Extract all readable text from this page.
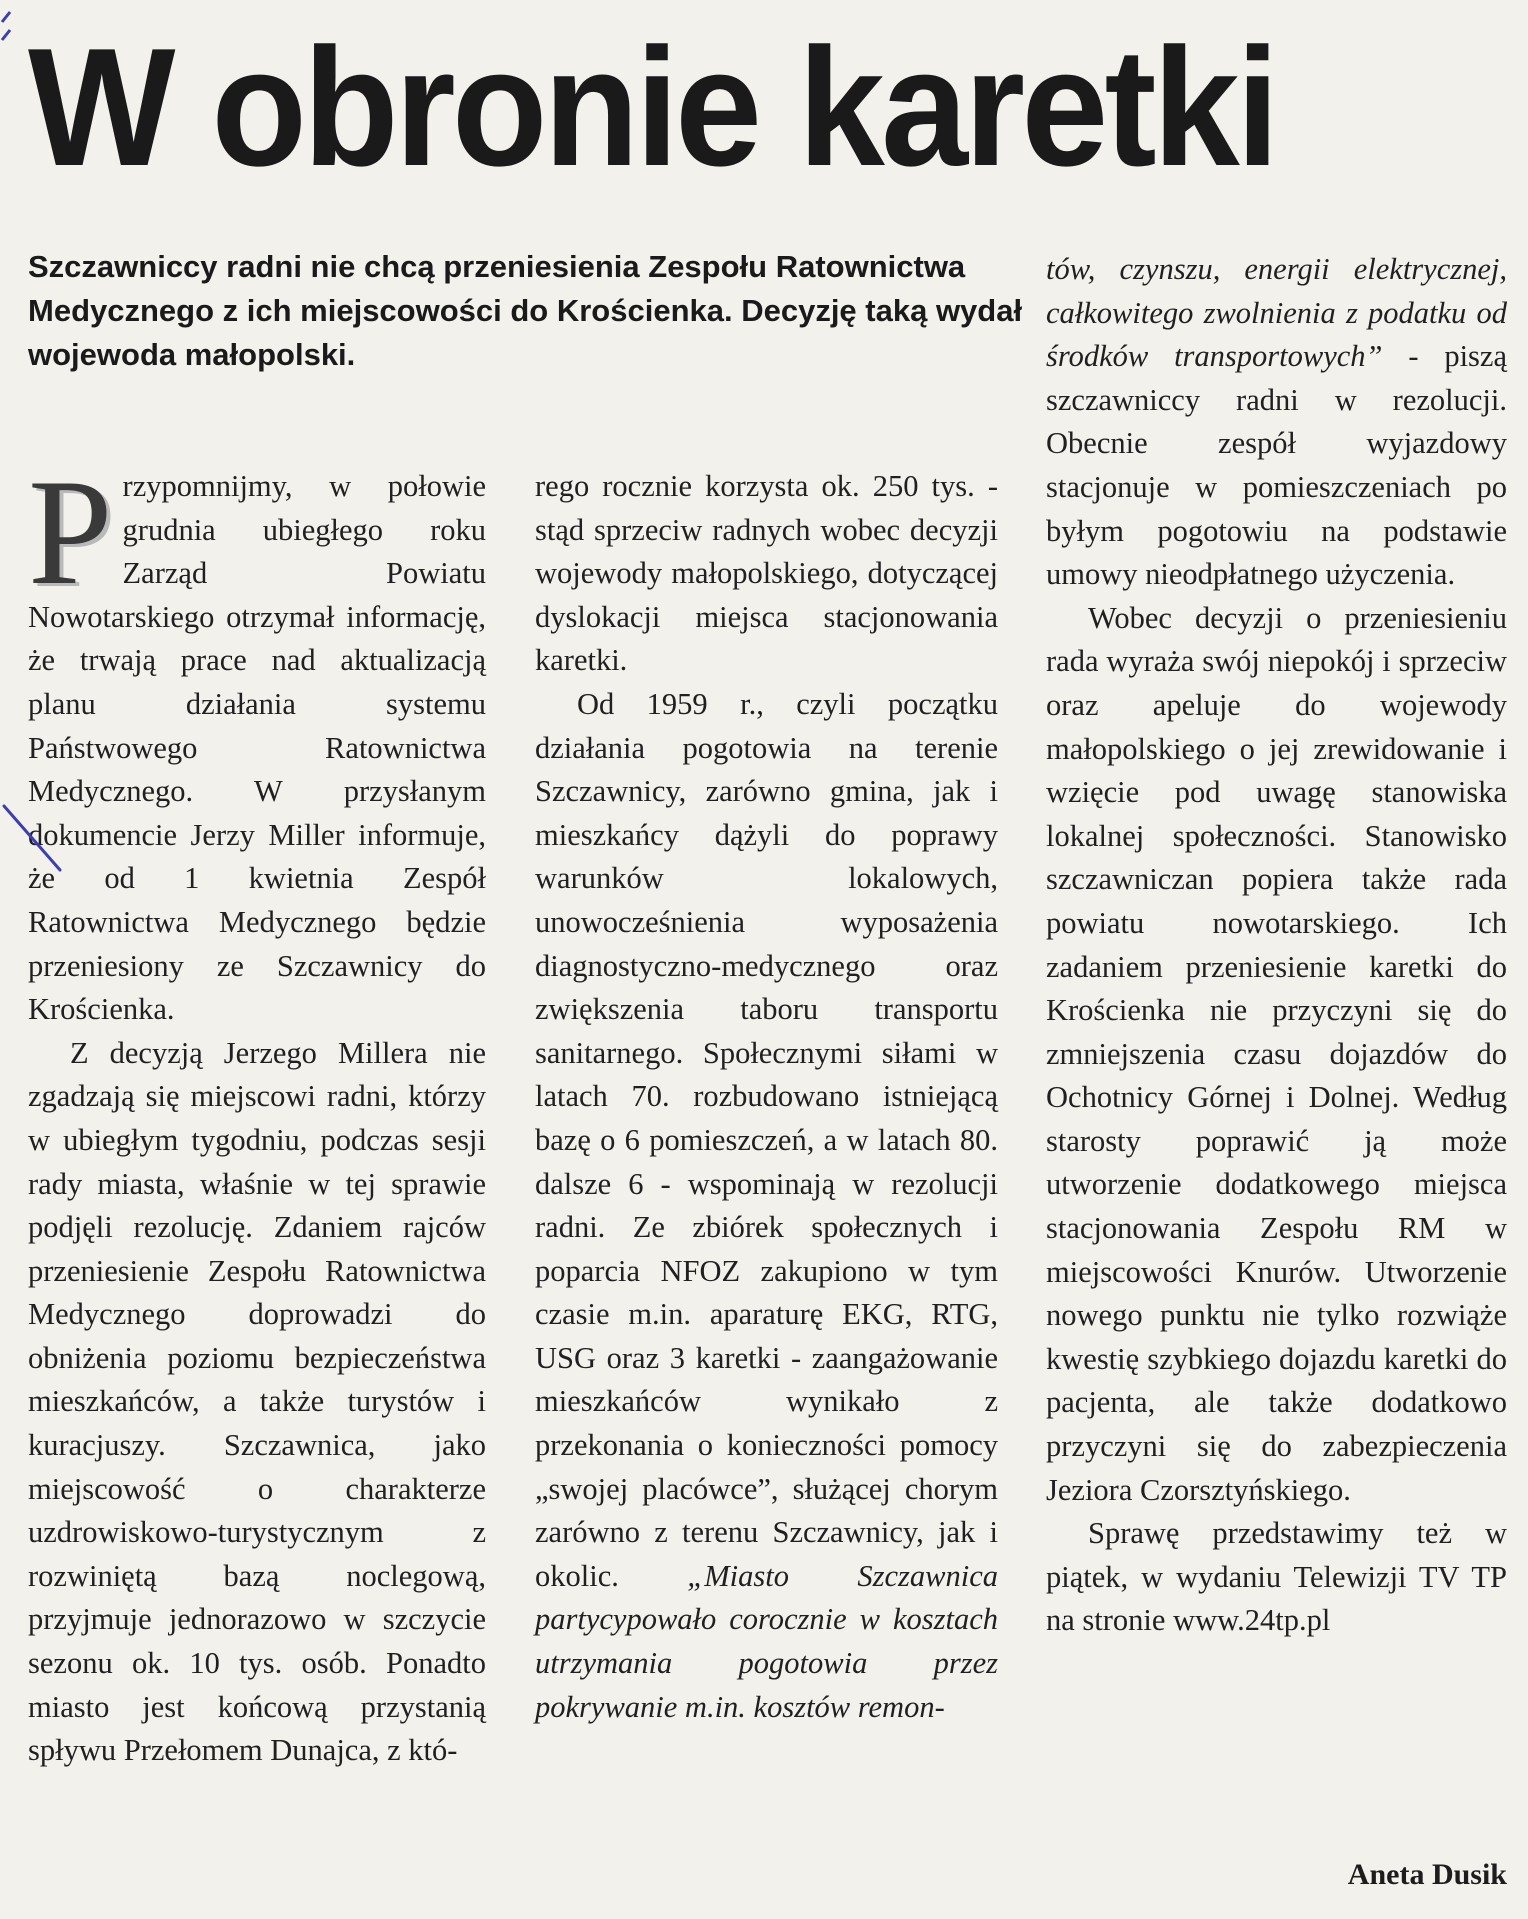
W obronie karetki

Szczawniccy radni nie chcą przeniesienia Zespołu Ratownictwa Medycznego z ich miejscowości do Krościenka. Decyzję taką wydał wojewoda małopolski.

Przypomnijmy, w połowie grudnia ubiegłego roku Zarząd Powiatu Nowotarskiego otrzymał informację, że trwają prace nad aktualizacją planu działania systemu Państwowego Ratownictwa Medycznego. W przysłanym dokumencie Jerzy Miller informuje, że od 1 kwietnia Zespół Ratownictwa Medycznego będzie przeniesiony ze Szczawnicy do Krościenka.

Z decyzją Jerzego Millera nie zgadzają się miejscowi radni, którzy w ubiegłym tygodniu, podczas sesji rady miasta, właśnie w tej sprawie podjęli rezolucję. Zdaniem rajców przeniesienie Zespołu Ratownictwa Medycznego doprowadzi do obniżenia poziomu bezpieczeństwa mieszkańców, a także turystów i kuracjuszy. Szczawnica, jako miejscowość o charakterze uzdrowiskowo-turystycznym z rozwiniętą bazą noclegową, przyjmuje jednorazowo w szczycie sezonu ok. 10 tys. osób. Ponadto miasto jest końcową przystanią spływu Przełomem Dunajca, z któ-

rego rocznie korzysta ok. 250 tys. - stąd sprzeciw radnych wobec decyzji wojewody małopolskiego, dotyczącej dyslokacji miejsca stacjonowania karetki.

Od 1959 r., czyli początku działania pogotowia na terenie Szczawnicy, zarówno gmina, jak i mieszkańcy dążyli do poprawy warunków lokalowych, unowocześnienia wyposażenia diagnostyczno-medycznego oraz zwiększenia taboru transportu sanitarnego. Społecznymi siłami w latach 70. rozbudowano istniejącą bazę o 6 pomieszczeń, a w latach 80. dalsze 6 - wspominają w rezolucji radni. Ze zbiórek społecznych i poparcia NFOZ zakupiono w tym czasie m.in. aparaturę EKG, RTG, USG oraz 3 karetki - zaangażowanie mieszkańców wynikało z przekonania o konieczności pomocy „swojej placówce”, służącej chorym zarówno z terenu Szczawnicy, jak i okolic. „Miasto Szczawnica partycypowało corocznie w kosztach utrzymania pogotowia przez pokrywanie m.in. kosztów remon-

tów, czynszu, energii elektrycznej, całkowitego zwolnienia z podatku od środków transportowych” - piszą szczawniccy radni w rezolucji. Obecnie zespół wyjazdowy stacjonuje w pomieszczeniach po byłym pogotowiu na podstawie umowy nieodpłatnego użyczenia.

Wobec decyzji o przeniesieniu rada wyraża swój niepokój i sprzeciw oraz apeluje do wojewody małopolskiego o jej zrewidowanie i wzięcie pod uwagę stanowiska lokalnej społeczności. Stanowisko szczawniczan popiera także rada powiatu nowotarskiego. Ich zadaniem przeniesienie karetki do Krościenka nie przyczyni się do zmniejszenia czasu dojazdów do Ochotnicy Górnej i Dolnej. Według starosty poprawić ją może utworzenie dodatkowego miejsca stacjonowania Zespołu RM w miejscowości Knurów. Utworzenie nowego punktu nie tylko rozwiąże kwestię szybkiego dojazdu karetki do pacjenta, ale także dodatkowo przyczyni się do zabezpieczenia Jeziora Czorsztyńskiego.

Sprawę przedstawimy też w piątek, w wydaniu Telewizji TV TP na stronie www.24tp.pl

Aneta Dusik
